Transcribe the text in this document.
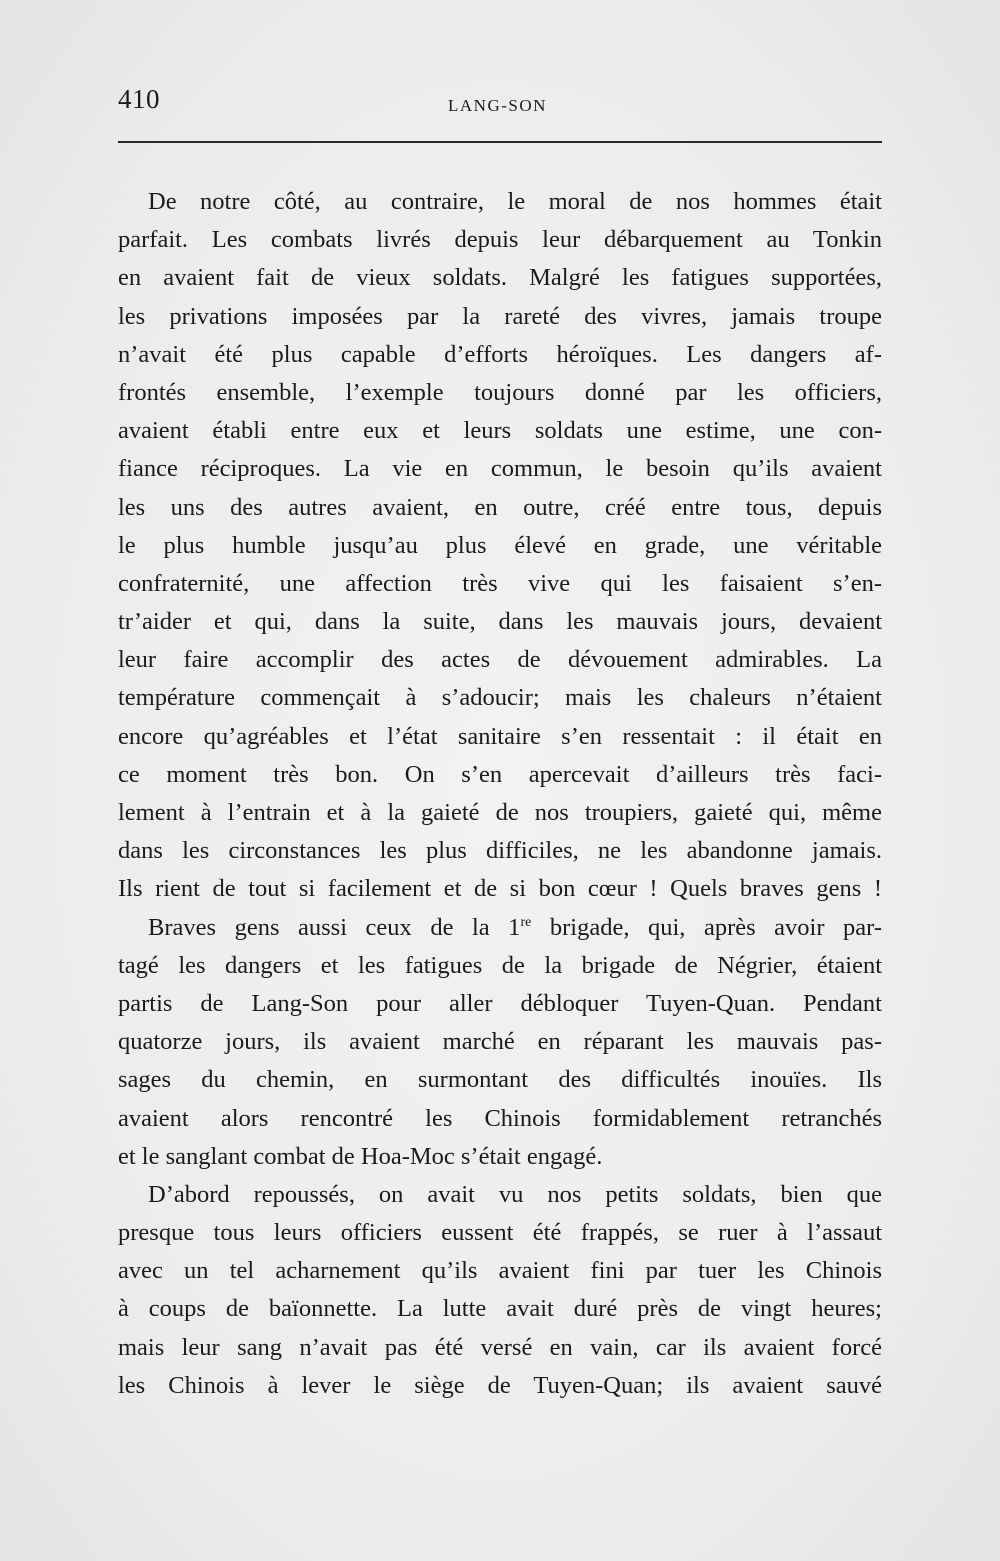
410	LANG-SON
De notre côté, au contraire, le moral de nos hommes était
parfait. Les combats livrés depuis leur débarquement au Tonkin
en avaient fait de vieux soldats. Malgré les fatigues supportées,
les privations imposées par la rareté des vivres, jamais troupe
n’avait été plus capable d’efforts héroïques. Les dangers af-
frontés ensemble, l’exemple toujours donné par les officiers,
avaient établi entre eux et leurs soldats une estime, une con-
fiance réciproques. La vie en commun, le besoin qu’ils avaient
les uns des autres avaient, en outre, créé entre tous, depuis
le plus humble jusqu’au plus élevé en grade, une véritable
confraternité, une affection très vive qui les faisaient s’en-
tr’aider et qui, dans la suite, dans les mauvais jours, devaient
leur faire accomplir des actes de dévouement admirables. La
température commençait à s’adoucir; mais les chaleurs n’étaient
encore qu’agréables et l’état sanitaire s’en ressentait : il était en
ce moment très bon. On s’en apercevait d’ailleurs très faci-
lement à l’entrain et à la gaieté de nos troupiers, gaieté qui, même
dans les circonstances les plus difficiles, ne les abandonne jamais.
Ils rient de tout si facilement et de si bon cœur ! Quels braves gens !
Braves gens aussi ceux de la 1re brigade, qui, après avoir par-
tagé les dangers et les fatigues de la brigade de Négrier, étaient
partis de Lang-Son pour aller débloquer Tuyen-Quan. Pendant
quatorze jours, ils avaient marché en réparant les mauvais pas-
sages du chemin, en surmontant des difficultés inouïes. Ils
avaient alors rencontré les Chinois formidablement retranchés
et le sanglant combat de Hoa-Moc s’était engagé.
D’abord repoussés, on avait vu nos petits soldats, bien que
presque tous leurs officiers eussent été frappés, se ruer à l’assaut
avec un tel acharnement qu’ils avaient fini par tuer les Chinois
à coups de baïonnette. La lutte avait duré près de vingt heures;
mais leur sang n’avait pas été versé en vain, car ils avaient forcé
les Chinois à lever le siège de Tuyen-Quan; ils avaient sauvé
